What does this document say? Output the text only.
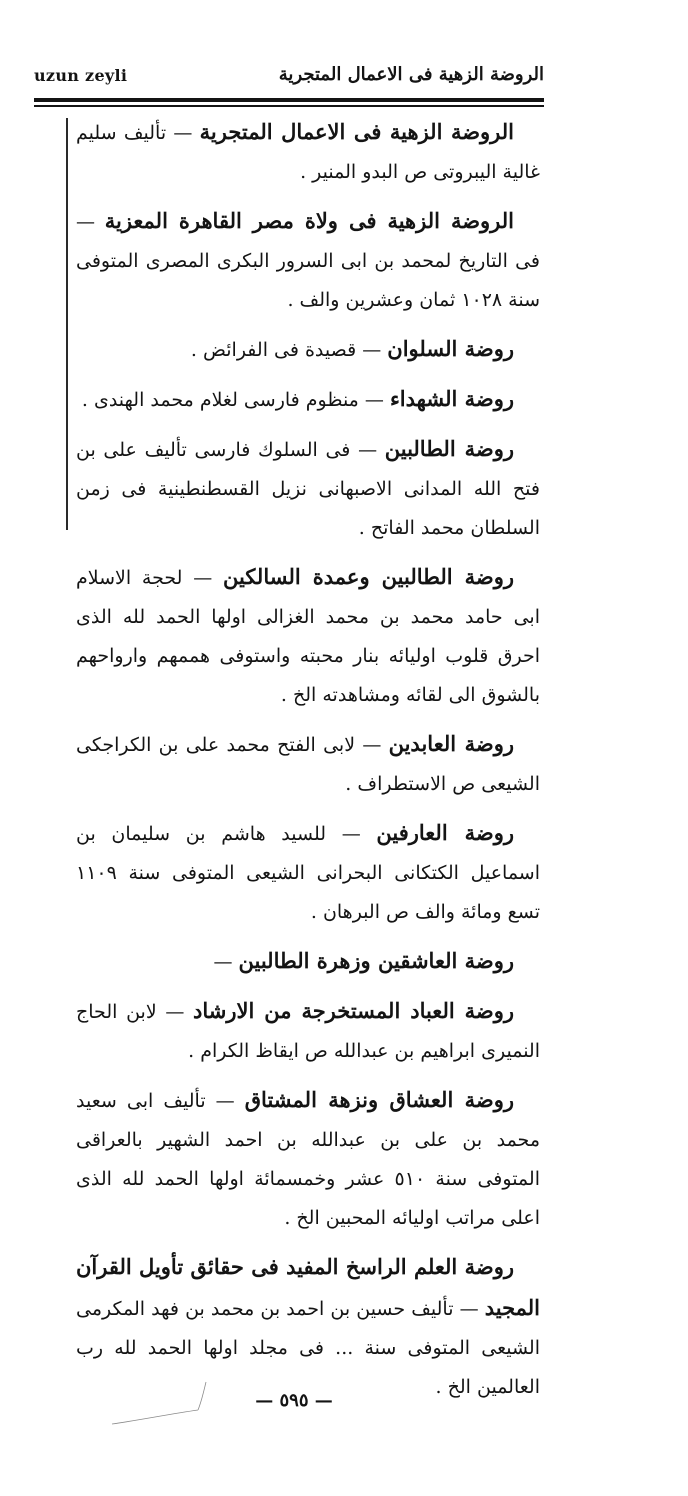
uzun zeyli	الروضة الزهية فى الاعمال المتجرية

الروضة الزهية فى الاعمال المتجرية — تأليف سليم غالية اليبروتى ص البدو المنير .

الروضة الزهية فى ولاة مصر القاهرة المعزية — فى التاريخ لمحمد بن ابى السرور البكرى المصرى المتوفى سنة ١٠٢٨ ثمان وعشرين والف .

روضة السلوان — قصيدة فى الفرائض .

روضة الشهداء — منظوم فارسى لغلام محمد الهندى .

روضة الطالبين — فى السلوك فارسى تأليف على بن فتح الله المدانى الاصبهانى نزيل القسطنطينية فى زمن السلطان محمد الفاتح .

روضة الطالبين وعمدة السالكين — لحجة الاسلام ابى حامد محمد بن محمد الغزالى اولها الحمد لله الذى احرق قلوب اوليائه بنار محبته واستوفى هممهم وارواحهم بالشوق الى لقائه ومشاهدته الخ .

روضة العابدين — لابى الفتح محمد على بن الكراجكى الشيعى ص الاستطراف .

روضة العارفين — للسيد هاشم بن سليمان بن اسماعيل الكتكانى البحرانى الشيعى المتوفى سنة ١١٠٩ تسع ومائة والف ص البرهان .

روضة العاشقين وزهرة الطالبين —

روضة العباد المستخرجة من الارشاد — لابن الحاج النميرى ابراهيم بن عبدالله ص ايقاظ الكرام .

روضة العشاق ونزهة المشتاق — تأليف ابى سعيد محمد بن على بن عبدالله بن احمد الشهير بالعراقى المتوفى سنة ٥١٠ عشر وخمسمائة اولها الحمد لله الذى اعلى مراتب اوليائه المحبين الخ .

روضة العلم الراسخ المفيد فى حقائق تأويل القرآن المجيد — تأليف حسين بن احمد بن محمد بن فهد المكرمى الشيعى المتوفى سنة ... فى مجلد اولها الحمد لله رب العالمين الخ .

— ٥٩٥ —
